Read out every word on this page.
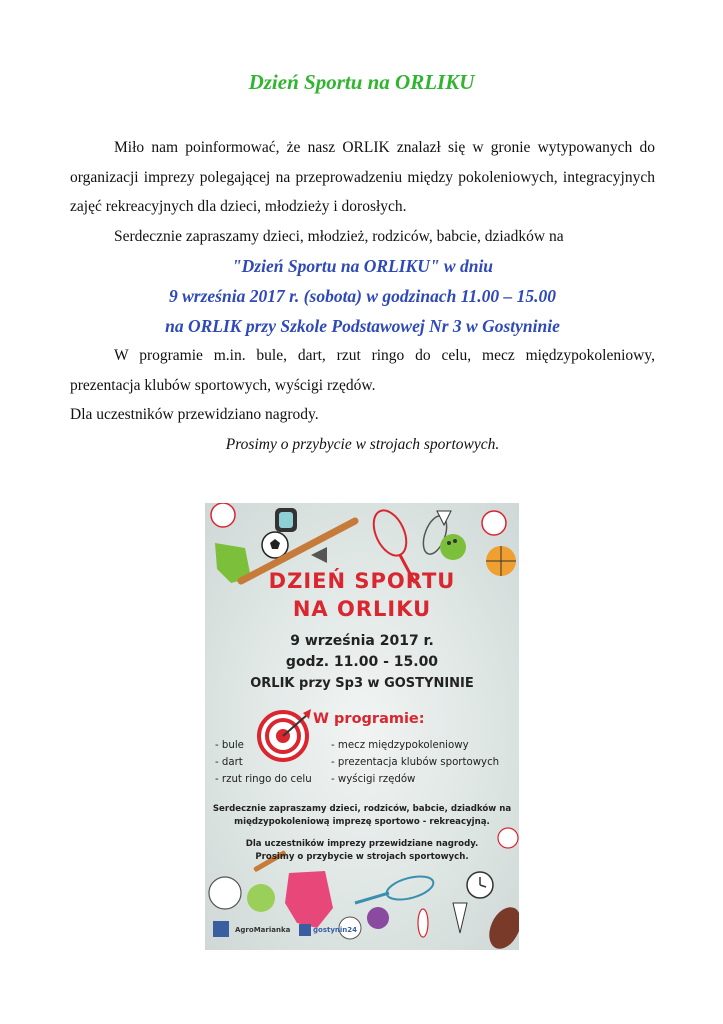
Dzień Sportu na ORLIKU

Miło nam poinformować, że nasz ORLIK znalazł się w gronie wytypowanych do organizacji imprezy polegającej na przeprowadzeniu między pokoleniowych, integracyjnych zajęć rekreacyjnych dla dzieci, młodzieży i dorosłych.

Serdecznie zapraszamy dzieci, młodzież, rodziców, babcie, dziadków na

"Dzień Sportu na ORLIKU" w dniu

9 września 2017 r. (sobota) w godzinach 11.00 – 15.00

na ORLIK przy Szkole Podstawowej Nr 3 w Gostyninie

W programie m.in. bule, dart, rzut ringo do celu, mecz międzypokoleniowy, prezentacja klubów sportowych, wyścigi rzędów.

Dla uczestników przewidziano nagrody.

Prosimy o przybycie w strojach sportowych.

DZIEŃ SPORTU
NA ORLIKU
9 września 2017 r.
godz. 11.00 - 15.00
ORLIK przy Sp3 w GOSTYNINIE
W programie:
- bule
- dart
- rzut ringo do celu
- mecz międzypokoleniowy
- prezentacja klubów sportowych
- wyścigi rzędów
Serdecznie zapraszamy dzieci, rodziców, babcie, dziadków na
międzypokoleniową imprezę sportowo - rekreacyjną.
Dla uczestników imprezy przewidziane nagrody.
Prosimy o przybycie w strojach sportowych.
AgroMarianka	gostynin24
